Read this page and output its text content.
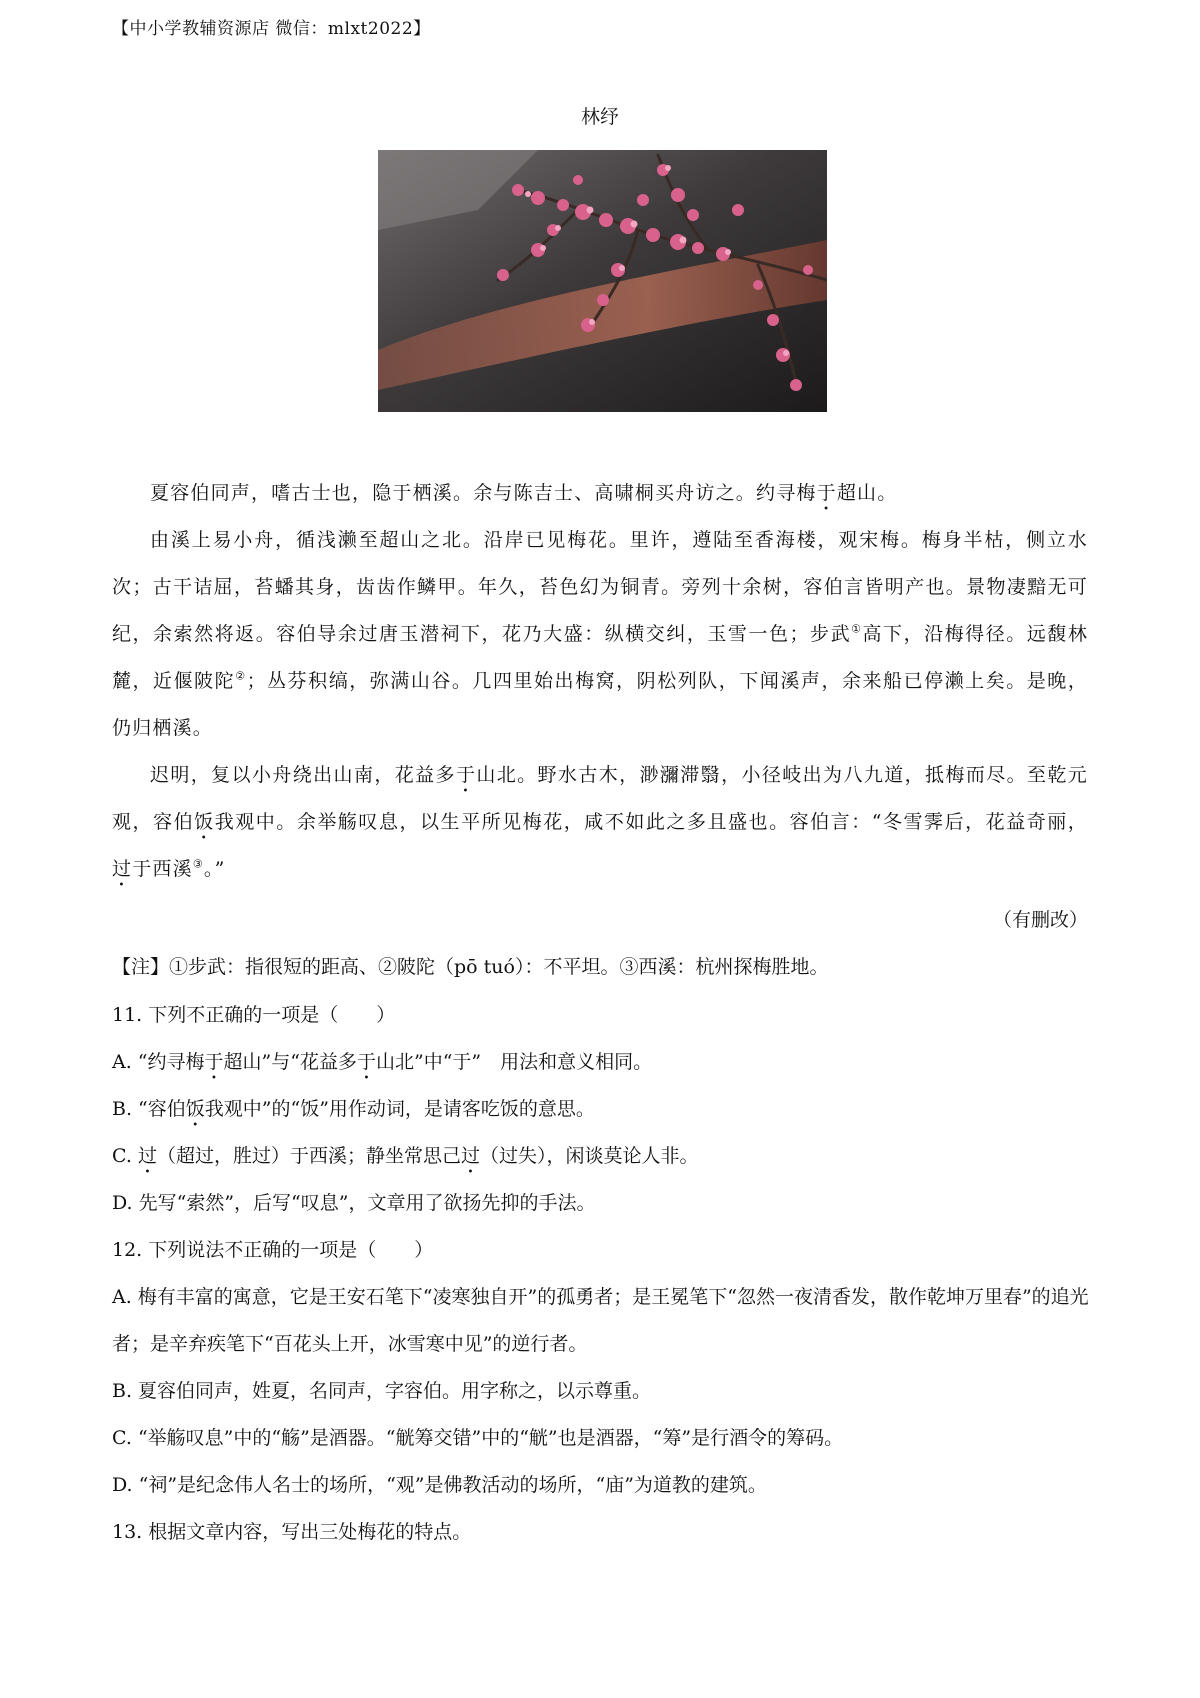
【中小学教辅资源店 微信：mlxt2022】
林纾

夏容伯同声，嗜古士也，隐于栖溪。余与陈吉士、高啸桐买舟访之。约寻梅于超山。

由溪上易小舟，循浅濑至超山之北。沿岸已见梅花。里许，遵陆至香海楼，观宋梅。梅身半枯，侧立水次；古干诘屈，苔蟠其身，齿齿作鳞甲。年久，苔色幻为铜青。旁列十余树，容伯言皆明产也。景物凄黯无可纪，余索然将返。容伯导余过唐玉潜祠下，花乃大盛：纵横交纠，玉雪一色；步武①高下，沿梅得径。远馥林麓，近偃陂陀②；丛芬积缟，弥满山谷。几四里始出梅窝，阴松列队，下闻溪声，余来船已停濑上矣。是晚，仍归栖溪。

迟明，复以小舟绕出山南，花益多于山北。野水古木，渺瀰滞翳，小径岐出为八九道，抵梅而尽。至乾元观，容伯饭我观中。余举觞叹息，以生平所见梅花，咸不如此之多且盛也。容伯言：“冬雪霁后，花益奇丽，过于西溪③。”

（有删改）
【注】①步武：指很短的距高、②陂陀（pō tuó）：不平坦。③西溪：杭州探梅胜地。

11. 下列不正确的一项是（　　）

A. “约寻梅于超山”与“花益多于山北”中“于”　用法和意义相同。

B. “容伯饭我观中”的“饭”用作动词，是请客吃饭的意思。

C. 过（超过，胜过）于西溪；静坐常思己过（过失），闲谈莫论人非。

D. 先写“索然”，后写“叹息”，文章用了欲扬先抑的手法。

12. 下列说法不正确的一项是（　　）

A. 梅有丰富的寓意，它是王安石笔下“凌寒独自开”的孤勇者；是王冕笔下“忽然一夜清香发，散作乾坤万里春”的追光者；是辛弃疾笔下“百花头上开，冰雪寒中见”的逆行者。

B. 夏容伯同声，姓夏，名同声，字容伯。用字称之，以示尊重。

C. “举觞叹息”中的“觞”是酒器。“觥筹交错”中的“觥”也是酒器，“筹”是行酒令的筹码。

D. “祠”是纪念伟人名士的场所，“观”是佛教活动的场所，“庙”为道教的建筑。

13. 根据文章内容，写出三处梅花的特点。
